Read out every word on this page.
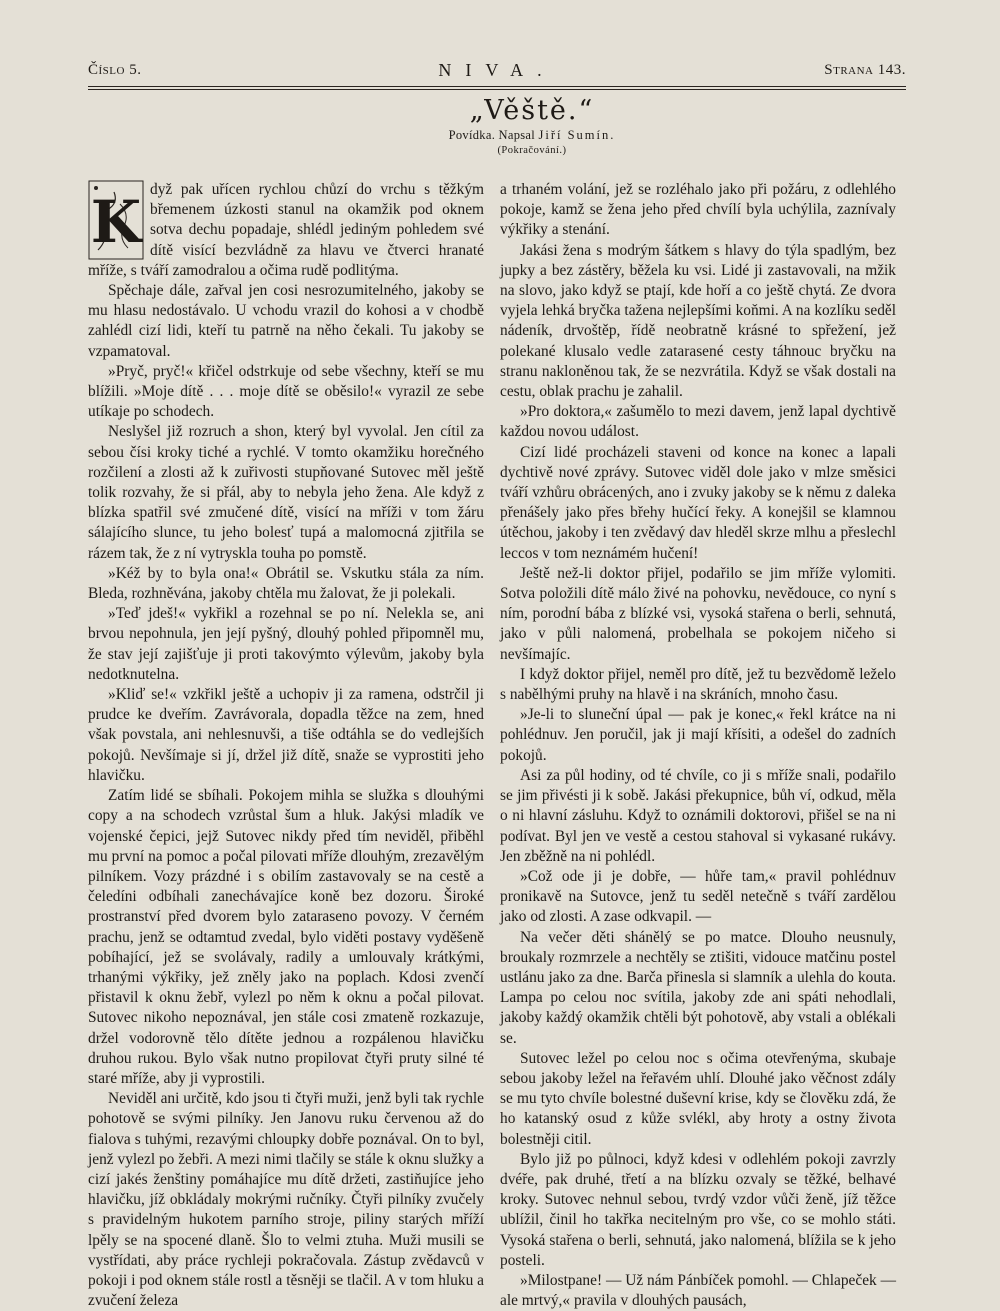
Číslo 5.	NIVA.	Strana 143.
„Věště.“
Povídka. Napsal Jiří Sumín.
(Pokračování.)
K dyž pak uřícen rychlou chůzí do vrchu s těžkým břemenem úzkosti stanul na okamžik pod oknem sotva dechu popadaje, shlédl jediným pohledem své dítě visící bezvládně za hlavu ve čtverci hranaté mříže, s tváří zamodralou a očima rudě podlitýma.

Spěchaje dále, zařval jen cosi nesrozumitelného, jakoby se mu hlasu nedostávalo. U vchodu vrazil do kohosi a v chodbě zahlédl cizí lidi, kteří tu patrně na něho čekali. Tu jakoby se vzpamatoval.

»Pryč, pryč!« křičel odstrkuje od sebe všechny, kteří se mu blížili. »Moje dítě . . . moje dítě se oběsilo!« vyrazil ze sebe utíkaje po schodech.

Neslyšel již rozruch a shon, který byl vyvolal. Jen cítil za sebou čísi kroky tiché a rychlé. V tomto okamžiku horečného rozčilení a zlosti až k zuřivosti stupňované Sutovec měl ještě tolik rozvahy, že si přál, aby to nebyla jeho žena. Ale když z blízka spatřil své zmučené dítě, visící na mříži v tom žáru sálajícího slunce, tu jeho bolesť tupá a malomocná zjitřila se rázem tak, že z ní vytryskla touha po pomstě.

»Kéž by to byla ona!« Obrátil se. Vskutku stála za ním. Bleda, rozhněvána, jakoby chtěla mu žalovat, že ji polekali.

»Teď jdeš!« vykřikl a rozehnal se po ní. Nelekla se, ani brvou nepohnula, jen její pyšný, dlouhý pohled připomněl mu, že stav její zajišťuje ji proti takovýmto výlevům, jakoby byla nedotknutelna.

»Kliď se!« vzkřikl ještě a uchopiv ji za ramena, odstrčil ji prudce ke dveřím. Zavrávorala, dopadla těžce na zem, hned však povstala, ani nehlesnuvši, a tiše odtáhla se do vedlejších pokojů. Nevšímaje si jí, držel již dítě, snaže se vyprostiti jeho hlavičku.

Zatím lidé se sbíhali. Pokojem mihla se služka s dlouhými copy a na schodech vzrůstal šum a hluk. Jakýsi mladík ve vojenské čepici, jejž Sutovec nikdy před tím neviděl, přiběhl mu první na pomoc a počal pilovati mříže dlouhým, zrezavělým pilníkem. Vozy prázdné i s obilím zastavovaly se na cestě a čeledíni odbíhali zanechávajíce koně bez dozoru. Široké prostranství před dvorem bylo zataraseno povozy. V černém prachu, jenž se odtamtud zvedal, bylo viděti postavy vyděšeně pobíhající, jež se svolávaly, radily a umlouvaly krátkými, trhanými výkřiky, jež zněly jako na poplach. Kdosi zvenčí přistavil k oknu žebř, vylezl po něm k oknu a počal pilovat. Sutovec nikoho nepoznával, jen stále cosi zmateně rozkazuje, držel vodorovně tělo dítěte jednou a rozpálenou hlavičku druhou rukou. Bylo však nutno propilovat čtyři pruty silné té staré mříže, aby ji vyprostili.

Neviděl ani určitě, kdo jsou ti čtyři muži, jenž byli tak rychle pohotově se svými pilníky. Jen Janovu ruku červenou až do fialova s tuhými, rezavými chloupky dobře poznával. On to byl, jenž vylezl po žebři. A mezi nimi tlačily se stále k oknu služky a cizí jakés ženštiny pomáhajíce mu dítě držeti, zastiňujíce jeho hlavičku, jíž obkládaly mokrými ručníky. Čtyři pilníky zvučely s pravidelným hukotem parního stroje, piliny starých mříží lpěly se na spocené dlaně. Šlo to velmi ztuha. Muži musili se vystřídati, aby práce rychleji pokračovala. Zástup zvědavců v pokoji i pod oknem stále rostl a těsněji se tlačil. A v tom hluku a zvučení železa

a trhaném volání, jež se rozléhalo jako při požáru, z odlehlého pokoje, kamž se žena jeho před chvílí byla uchýlila, zaznívaly výkřiky a stenání.

Jakási žena s modrým šátkem s hlavy do týla spadlým, bez jupky a bez zástěry, běžela ku vsi. Lidé ji zastavovali, na mžik na slovo, jako když se ptají, kde hoří a co ještě chytá. Ze dvora vyjela lehká bryčka tažena nejlepšími koňmi. A na kozlíku seděl nádeník, drvoštěp, řídě neobratně krásné to spřežení, jež polekané klusalo vedle zatarasené cesty táhnouc bryčku na stranu nakloněnou tak, že se nezvrátila. Když se však dostali na cestu, oblak prachu je zahalil.

»Pro doktora,« zašumělo to mezi davem, jenž lapal dychtivě každou novou událost.

Cizí lidé procházeli staveni od konce na konec a lapali dychtivě nové zprávy. Sutovec viděl dole jako v mlze směsici tváří vzhůru obrácených, ano i zvuky jakoby se k němu z daleka přenášely jako přes břehy hučící řeky. A konejšil se klamnou útěchou, jakoby i ten zvědavý dav hleděl skrze mlhu a přeslechl leccos v tom neznámém hučení!

Ještě než-li doktor přijel, podařilo se jim mříže vylomiti. Sotva položili dítě málo živé na pohovku, nevědouce, co nyní s ním, porodní bába z blízké vsi, vysoká stařena o berli, sehnutá, jako v půli nalomená, probelhala se pokojem ničeho si nevšímajíc.

I když doktor přijel, neměl pro dítě, jež tu bezvědomě leželo s nabělhými pruhy na hlavě i na skráních, mnoho času.

»Je-li to sluneční úpal — pak je konec,« řekl krátce na ni pohlédnuv. Jen poručil, jak ji mají křísiti, a odešel do zadních pokojů.

Asi za půl hodiny, od té chvíle, co ji s mříže snali, podařilo se jim přivésti ji k sobě. Jakási překupnice, bůh ví, odkud, měla o ni hlavní zásluhu. Když to oznámili doktorovi, přišel se na ni podívat. Byl jen ve vestě a cestou stahoval si vykasané rukávy. Jen zběžně na ni pohlédl.

»Což ode ji je dobře, — hůře tam,« pravil pohlédnuv pronikavě na Sutovce, jenž tu seděl netečně s tváří zardělou jako od zlosti. A zase odkvapil. —

Na večer děti shánělý se po matce. Dlouho neusnuly, broukaly rozmrzele a nechtěly se ztišiti, vidouce matčinu postel ustlánu jako za dne. Barča přinesla si slamník a ulehla do kouta. Lampa po celou noc svítila, jakoby zde ani spáti nehodlali, jakoby každý okamžik chtěli být pohotově, aby vstali a oblékali se.

Sutovec ležel po celou noc s očima otevřenýma, skubaje sebou jakoby ležel na řeřavém uhlí. Dlouhé jako věčnost zdály se mu tyto chvíle bolestné duševní krise, kdy se člověku zdá, že ho katanský osud z kůže svlékl, aby hroty a ostny života bolestněji citil.

Bylo již po půlnoci, když kdesi v odlehlém pokoji zavrzly dvéře, pak druhé, třetí a na blízku ozvaly se těžké, belhavé kroky. Sutovec nehnul sebou, tvrdý vzdor vůči ženě, jíž těžce ublížil, činil ho takřka necitelným pro vše, co se mohlo státi. Vysoká stařena o berli, sehnutá, jako nalomená, blížila se k jeho posteli.

»Milostpane! — Už nám Pánbíček pomohl. — Chlapeček — ale mrtvý,« pravila v dlouhých pausách,
